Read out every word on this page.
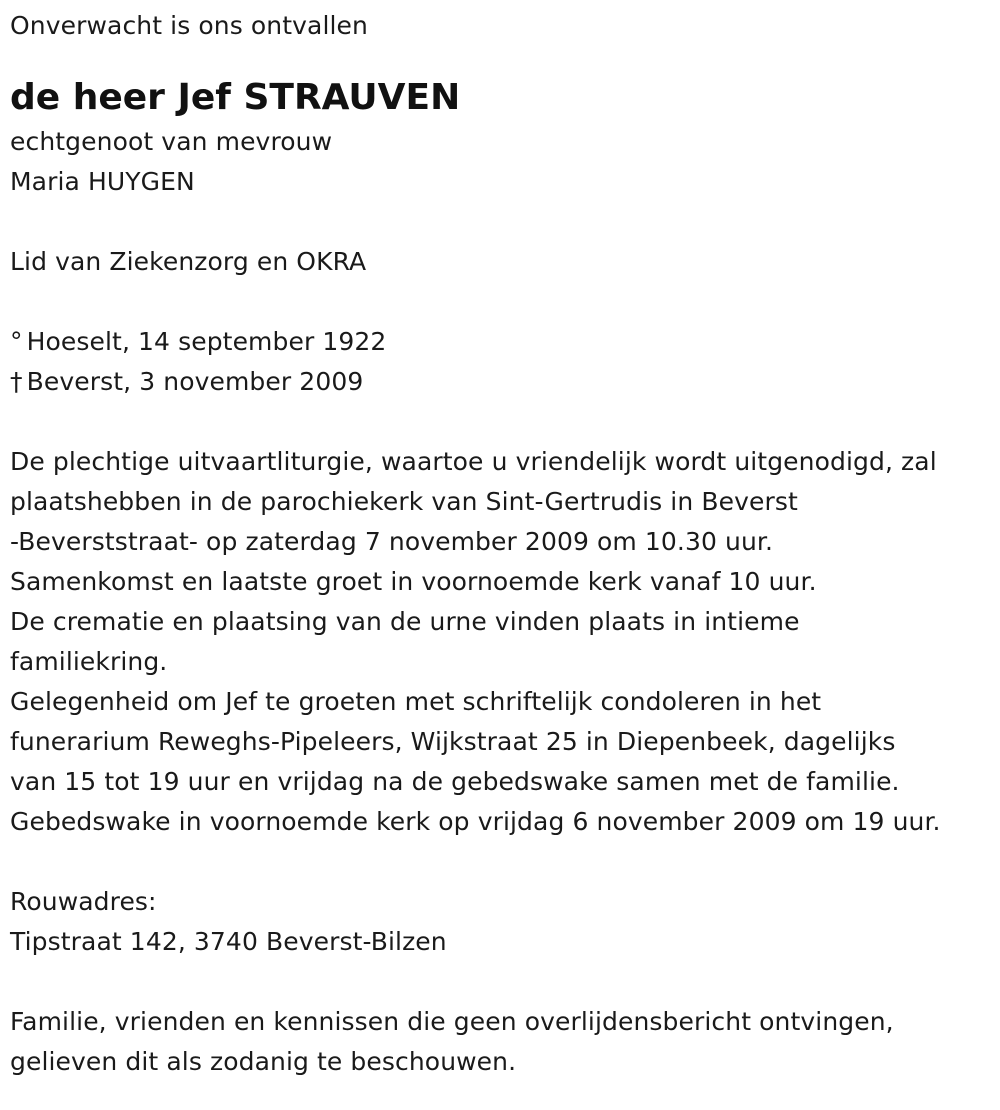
Onverwacht is ons ontvallen
de heer Jef STRAUVEN
echtgenoot van mevrouw
Maria HUYGEN
Lid van Ziekenzorg en OKRA
° Hoeselt, 14 september 1922
† Beverst, 3 november 2009
De plechtige uitvaartliturgie, waartoe u vriendelijk wordt uitgenodigd, zal
plaatshebben in de parochiekerk van Sint-Gertrudis in Beverst
-Beverststraat- op zaterdag 7 november 2009 om 10.30 uur.
Samenkomst en laatste groet in voornoemde kerk vanaf 10 uur.
De crematie en plaatsing van de urne vinden plaats in intieme
familiekring.
Gelegenheid om Jef te groeten met schriftelijk condoleren in het
funerarium Reweghs-Pipeleers, Wijkstraat 25 in Diepenbeek, dagelijks
van 15 tot 19 uur en vrijdag na de gebedswake samen met de familie.
Gebedswake in voornoemde kerk op vrijdag 6 november 2009 om 19 uur.
Rouwadres:
Tipstraat 142, 3740 Beverst-Bilzen
Familie, vrienden en kennissen die geen overlijdensbericht ontvingen,
gelieven dit als zodanig te beschouwen.
